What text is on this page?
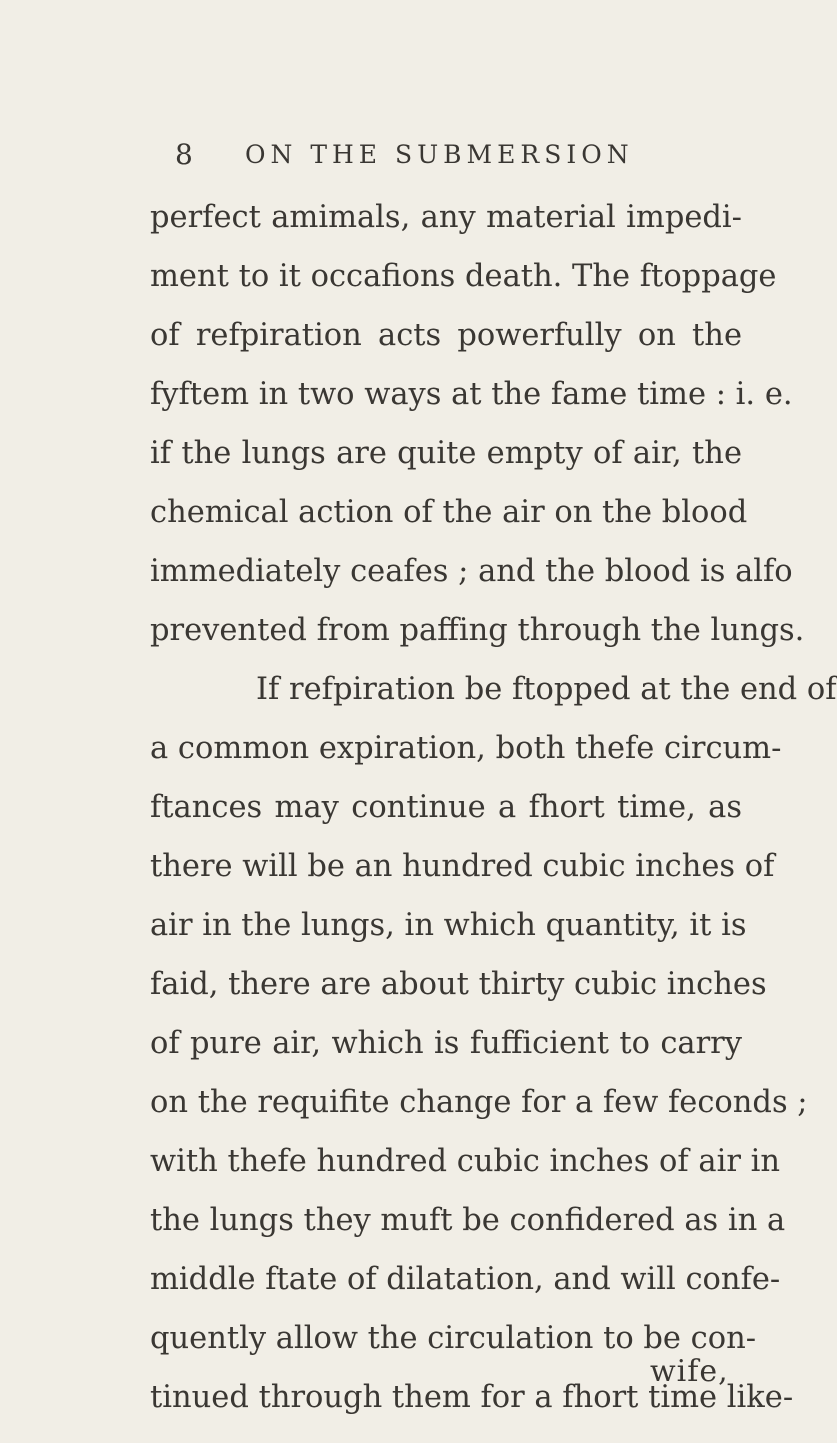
8 ON THE SUBMERSION
perfect amimals, any material impedi-
ment to it occafions death. The ftoppage
of refpiration acts powerfully on the
fyftem in two ways at the fame time : i. e.
if the lungs are quite empty of air, the
chemical action of the air on the blood
immediately ceafes ; and the blood is alfo
prevented from paffing through the lungs.
If refpiration be ftopped at the end of
a common expiration, both thefe circum-
ftances may continue a fhort time, as
there will be an hundred cubic inches of
air in the lungs, in which quantity, it is
faid, there are about thirty cubic inches
of pure air, which is fufficient to carry
on the requifite change for a few feconds ;
with thefe hundred cubic inches of air in
the lungs they muft be confidered as in a
middle ftate of dilatation, and will confe-
quently allow the circulation to be con-
tinued through them for a fhort time like-
wife,
